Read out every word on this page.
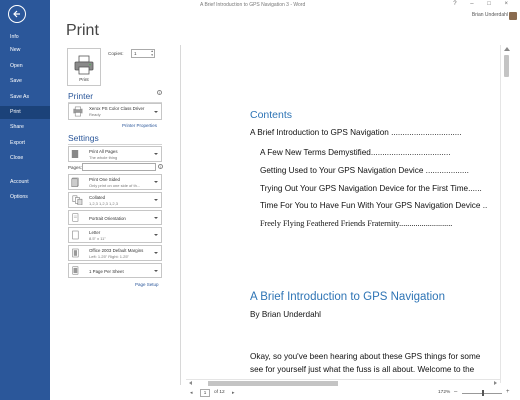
Info
New
Open
Save
Save As
Print
Share
Export
Close
Account
Options
A Brief Introduction to GPS Navigation 3 - Word	? – □ ×
Brian Underdahl
Print
Print
Copies:	1	▴
▾
Printer	i
Xerox PS Color Class Driver
Ready
Printer Properties
Settings
Print All Pages
The whole thing
Pages:	i
Print One Sided
Only print on one side of th...
Collated
1,2,3 1,2,3 1,2,3
Portrait Orientation
Letter
8.5" x 11"
Office 2003 Default Margins
Left: 1.25" Right: 1.25"
1 Page Per Sheet
Page Setup
Contents
A Brief Introduction to GPS Navigation ...............................
A Few New Terms Demystified...................................
Getting Used to Your GPS Navigation Device ...................
Trying Out Your GPS Navigation Device for the First Time......
Time For You to Have Fun With Your GPS Navigation Device ..
Freely Flying Feathered Friends Fraternity..........................
A Brief Introduction to GPS Navigation
By Brian Underdahl
Okay, so you've been hearing about these GPS things for some
see for yourself just what the fuss is all about. Welcome to the
◂	1	of 12 ▸	172% –	+
